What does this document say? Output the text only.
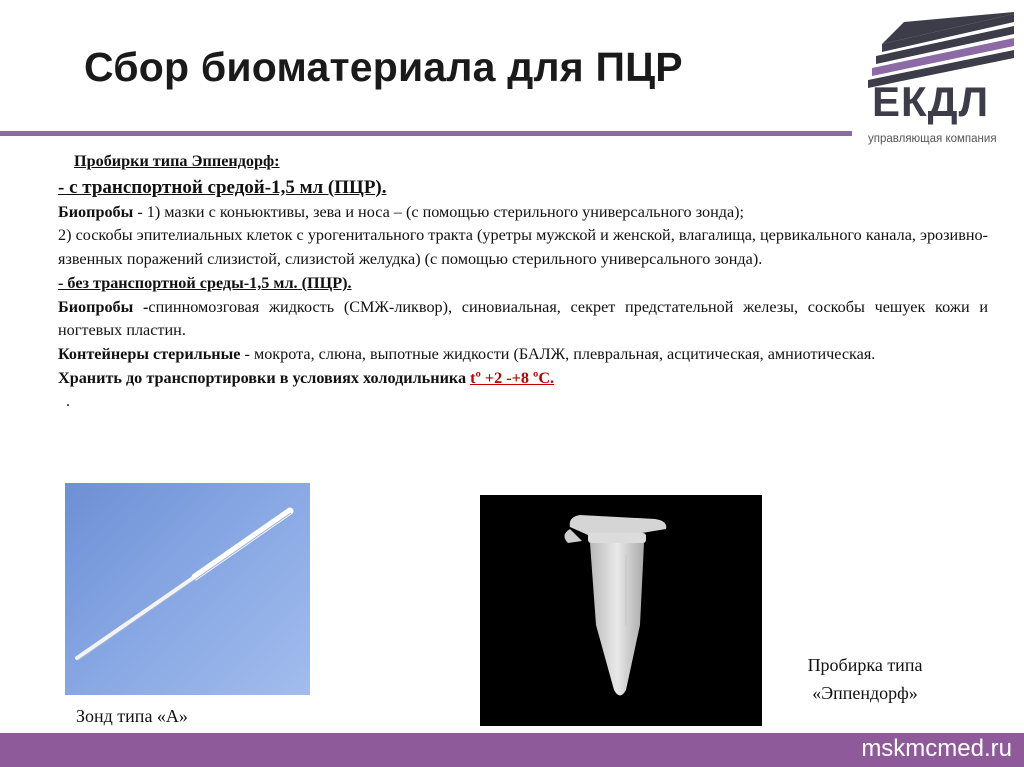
Сбор биоматериала для ПЦР
ЕКДЛ
управляющая компания

Пробирки типа Эппендорф:

- с транспортной средой-1,5 мл (ПЦР).

Биопробы - 1) мазки с коньюктивы, зева и носа – (с помощью стерильного универсального зонда);

2) соскобы эпителиальных клеток с урогенитального тракта (уретры мужской и женской, влагалища, цервикального канала, эрозивно-язвенных поражений слизистой, слизистой желудка) (с помощью стерильного универсального зонда).

- без транспортной среды-1,5 мл. (ПЦР).

Биопробы -спинномозговая жидкость (СМЖ-ликвор), синовиальная, секрет предстательной железы, соскобы чешуек кожи и ногтевых пластин.

Контейнеры стерильные - мокрота, слюна, выпотные жидкости (БАЛЖ, плевральная, асцитическая, амниотическая.

Хранить до транспортировки в условиях холодильника tº +2 -+8 ºC.

.

Зонд типа «А»
Пробирка типа
«Эппендорф»
mskmcmed.ru
